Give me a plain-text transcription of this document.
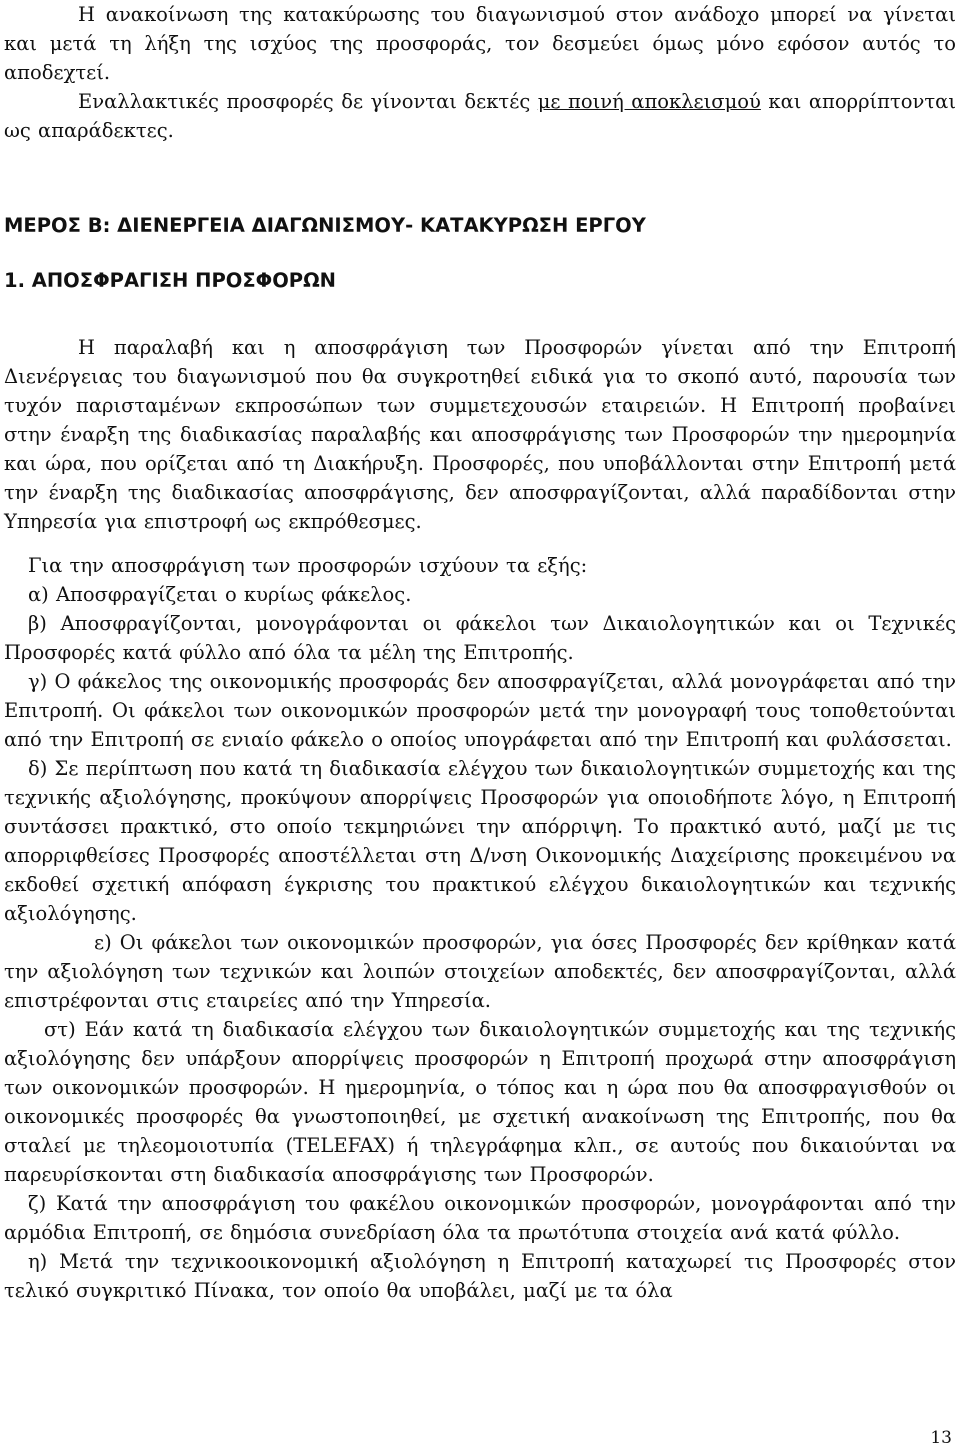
Η ανακοίνωση της κατακύρωσης του διαγωνισμού στον ανάδοχο μπορεί να γίνεται και μετά τη λήξη της ισχύος της προσφοράς, τον δεσμεύει όμως μόνο εφόσον αυτός το αποδεχτεί.

Εναλλακτικές προσφορές δε γίνονται δεκτές με ποινή αποκλεισμού και απορρίπτονται ως απαράδεκτες.

ΜΕΡΟΣ Β: ΔΙΕΝΕΡΓΕΙΑ ΔΙΑΓΩΝΙΣΜΟΥ- ΚΑΤΑΚΥΡΩΣΗ ΕΡΓΟΥ
1. ΑΠΟΣΦΡΑΓΙΣΗ ΠΡΟΣΦΟΡΩΝ

Η παραλαβή και η αποσφράγιση των Προσφορών γίνεται από την Επιτροπή Διενέργειας του διαγωνισμού που θα συγκροτηθεί ειδικά για το σκοπό αυτό, παρουσία των τυχόν παρισταμένων εκπροσώπων των συμμετεχουσών εταιρειών. Η Επιτροπή προβαίνει στην έναρξη της διαδικασίας παραλαβής και αποσφράγισης των Προσφορών την ημερομηνία και ώρα, που ορίζεται από τη Διακήρυξη. Προσφορές, που υποβάλλονται στην Επιτροπή μετά την έναρξη της διαδικασίας αποσφράγισης, δεν αποσφραγίζονται, αλλά παραδίδονται στην Υπηρεσία για επιστροφή ως εκπρόθεσμες.

Για την αποσφράγιση των προσφορών ισχύουν τα εξής:

α) Αποσφραγίζεται ο κυρίως φάκελος.

β) Αποσφραγίζονται, μονογράφονται οι φάκελοι των Δικαιολογητικών και οι Τεχνικές Προσφορές κατά φύλλο από όλα τα μέλη της Επιτροπής.

γ) Ο φάκελος της οικονομικής προσφοράς δεν αποσφραγίζεται, αλλά μονογράφεται από την Επιτροπή. Οι φάκελοι των οικονομικών προσφορών μετά την μονογραφή τους τοποθετούνται από την Επιτροπή σε ενιαίο φάκελο ο οποίος υπογράφεται από την Επιτροπή και φυλάσσεται.

δ) Σε περίπτωση που κατά τη διαδικασία ελέγχου των δικαιολογητικών συμμετοχής και της τεχνικής αξιολόγησης, προκύψουν απορρίψεις Προσφορών για οποιοδήποτε λόγο, η Επιτροπή συντάσσει πρακτικό, στο οποίο τεκμηριώνει την απόρριψη. Το πρακτικό αυτό, μαζί με τις απορριφθείσες Προσφορές αποστέλλεται στη Δ/νση Οικονομικής Διαχείρισης προκειμένου να εκδοθεί σχετική απόφαση έγκρισης του πρακτικού ελέγχου δικαιολογητικών και τεχνικής αξιολόγησης.

ε) Οι φάκελοι των οικονομικών προσφορών, για όσες Προσφορές δεν κρίθηκαν κατά την αξιολόγηση των τεχνικών και λοιπών στοιχείων αποδεκτές, δεν αποσφραγίζονται, αλλά επιστρέφονται στις εταιρείες από την Υπηρεσία.

στ) Εάν κατά τη διαδικασία ελέγχου των δικαιολογητικών συμμετοχής και της τεχνικής αξιολόγησης δεν υπάρξουν απορρίψεις προσφορών η Επιτροπή προχωρά στην αποσφράγιση των οικονομικών προσφορών. Η ημερομηνία, ο τόπος και η ώρα που θα αποσφραγισθούν οι οικονομικές προσφορές θα γνωστοποιηθεί, με σχετική ανακοίνωση της Επιτροπής, που θα σταλεί με τηλεομοιοτυπία (TELEFAX) ή τηλεγράφημα κλπ., σε αυτούς που δικαιούνται να παρευρίσκονται στη διαδικασία αποσφράγισης των Προσφορών.

ζ) Κατά την αποσφράγιση του φακέλου οικονομικών προσφορών, μονογράφονται από την αρμόδια Επιτροπή, σε δημόσια συνεδρίαση όλα τα πρωτότυπα στοιχεία ανά κατά φύλλο.

η) Μετά την τεχνικοοικονομική αξιολόγηση η Επιτροπή καταχωρεί τις Προσφορές στον τελικό συγκριτικό Πίνακα, τον οποίο θα υποβάλει, μαζί με τα όλα

13
